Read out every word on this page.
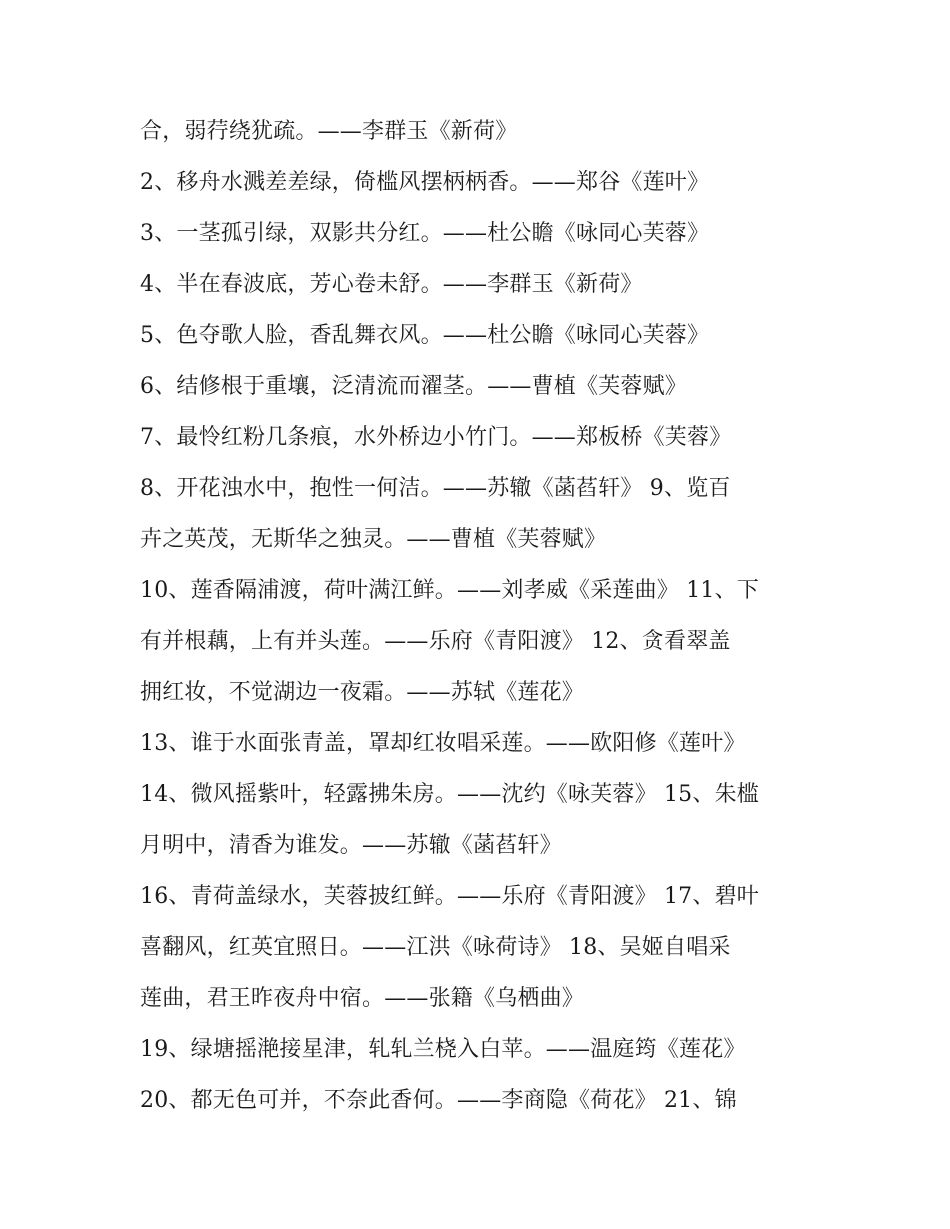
合，弱荇绕犹疏。——李群玉《新荷》
2、移舟水溅差差绿，倚槛风摆柄柄香。——郑谷《莲叶》
3、一茎孤引绿，双影共分红。——杜公瞻《咏同心芙蓉》
4、半在春波底，芳心卷未舒。——李群玉《新荷》
5、色夺歌人脸，香乱舞衣风。——杜公瞻《咏同心芙蓉》
6、结修根于重壤，泛清流而濯茎。——曹植《芙蓉赋》
7、最怜红粉几条痕，水外桥边小竹门。——郑板桥《芙蓉》
8、开花浊水中，抱性一何洁。——苏辙《菡萏轩》 9、览百
卉之英茂，无斯华之独灵。——曹植《芙蓉赋》
10、莲香隔浦渡，荷叶满江鲜。——刘孝威《采莲曲》 11、下
有并根藕，上有并头莲。——乐府《青阳渡》 12、贪看翠盖
拥红妆，不觉湖边一夜霜。——苏轼《莲花》
13、谁于水面张青盖，罩却红妆唱采莲。——欧阳修《莲叶》
14、微风摇紫叶，轻露拂朱房。——沈约《咏芙蓉》 15、朱槛
月明中，清香为谁发。——苏辙《菡萏轩》
16、青荷盖绿水，芙蓉披红鲜。——乐府《青阳渡》 17、碧叶
喜翻风，红英宜照日。——江洪《咏荷诗》 18、吴姬自唱采
莲曲，君王昨夜舟中宿。——张籍《乌栖曲》
19、绿塘摇滟接星津，轧轧兰桡入白苹。——温庭筠《莲花》
20、都无色可并，不奈此香何。——李商隐《荷花》 21、锦
